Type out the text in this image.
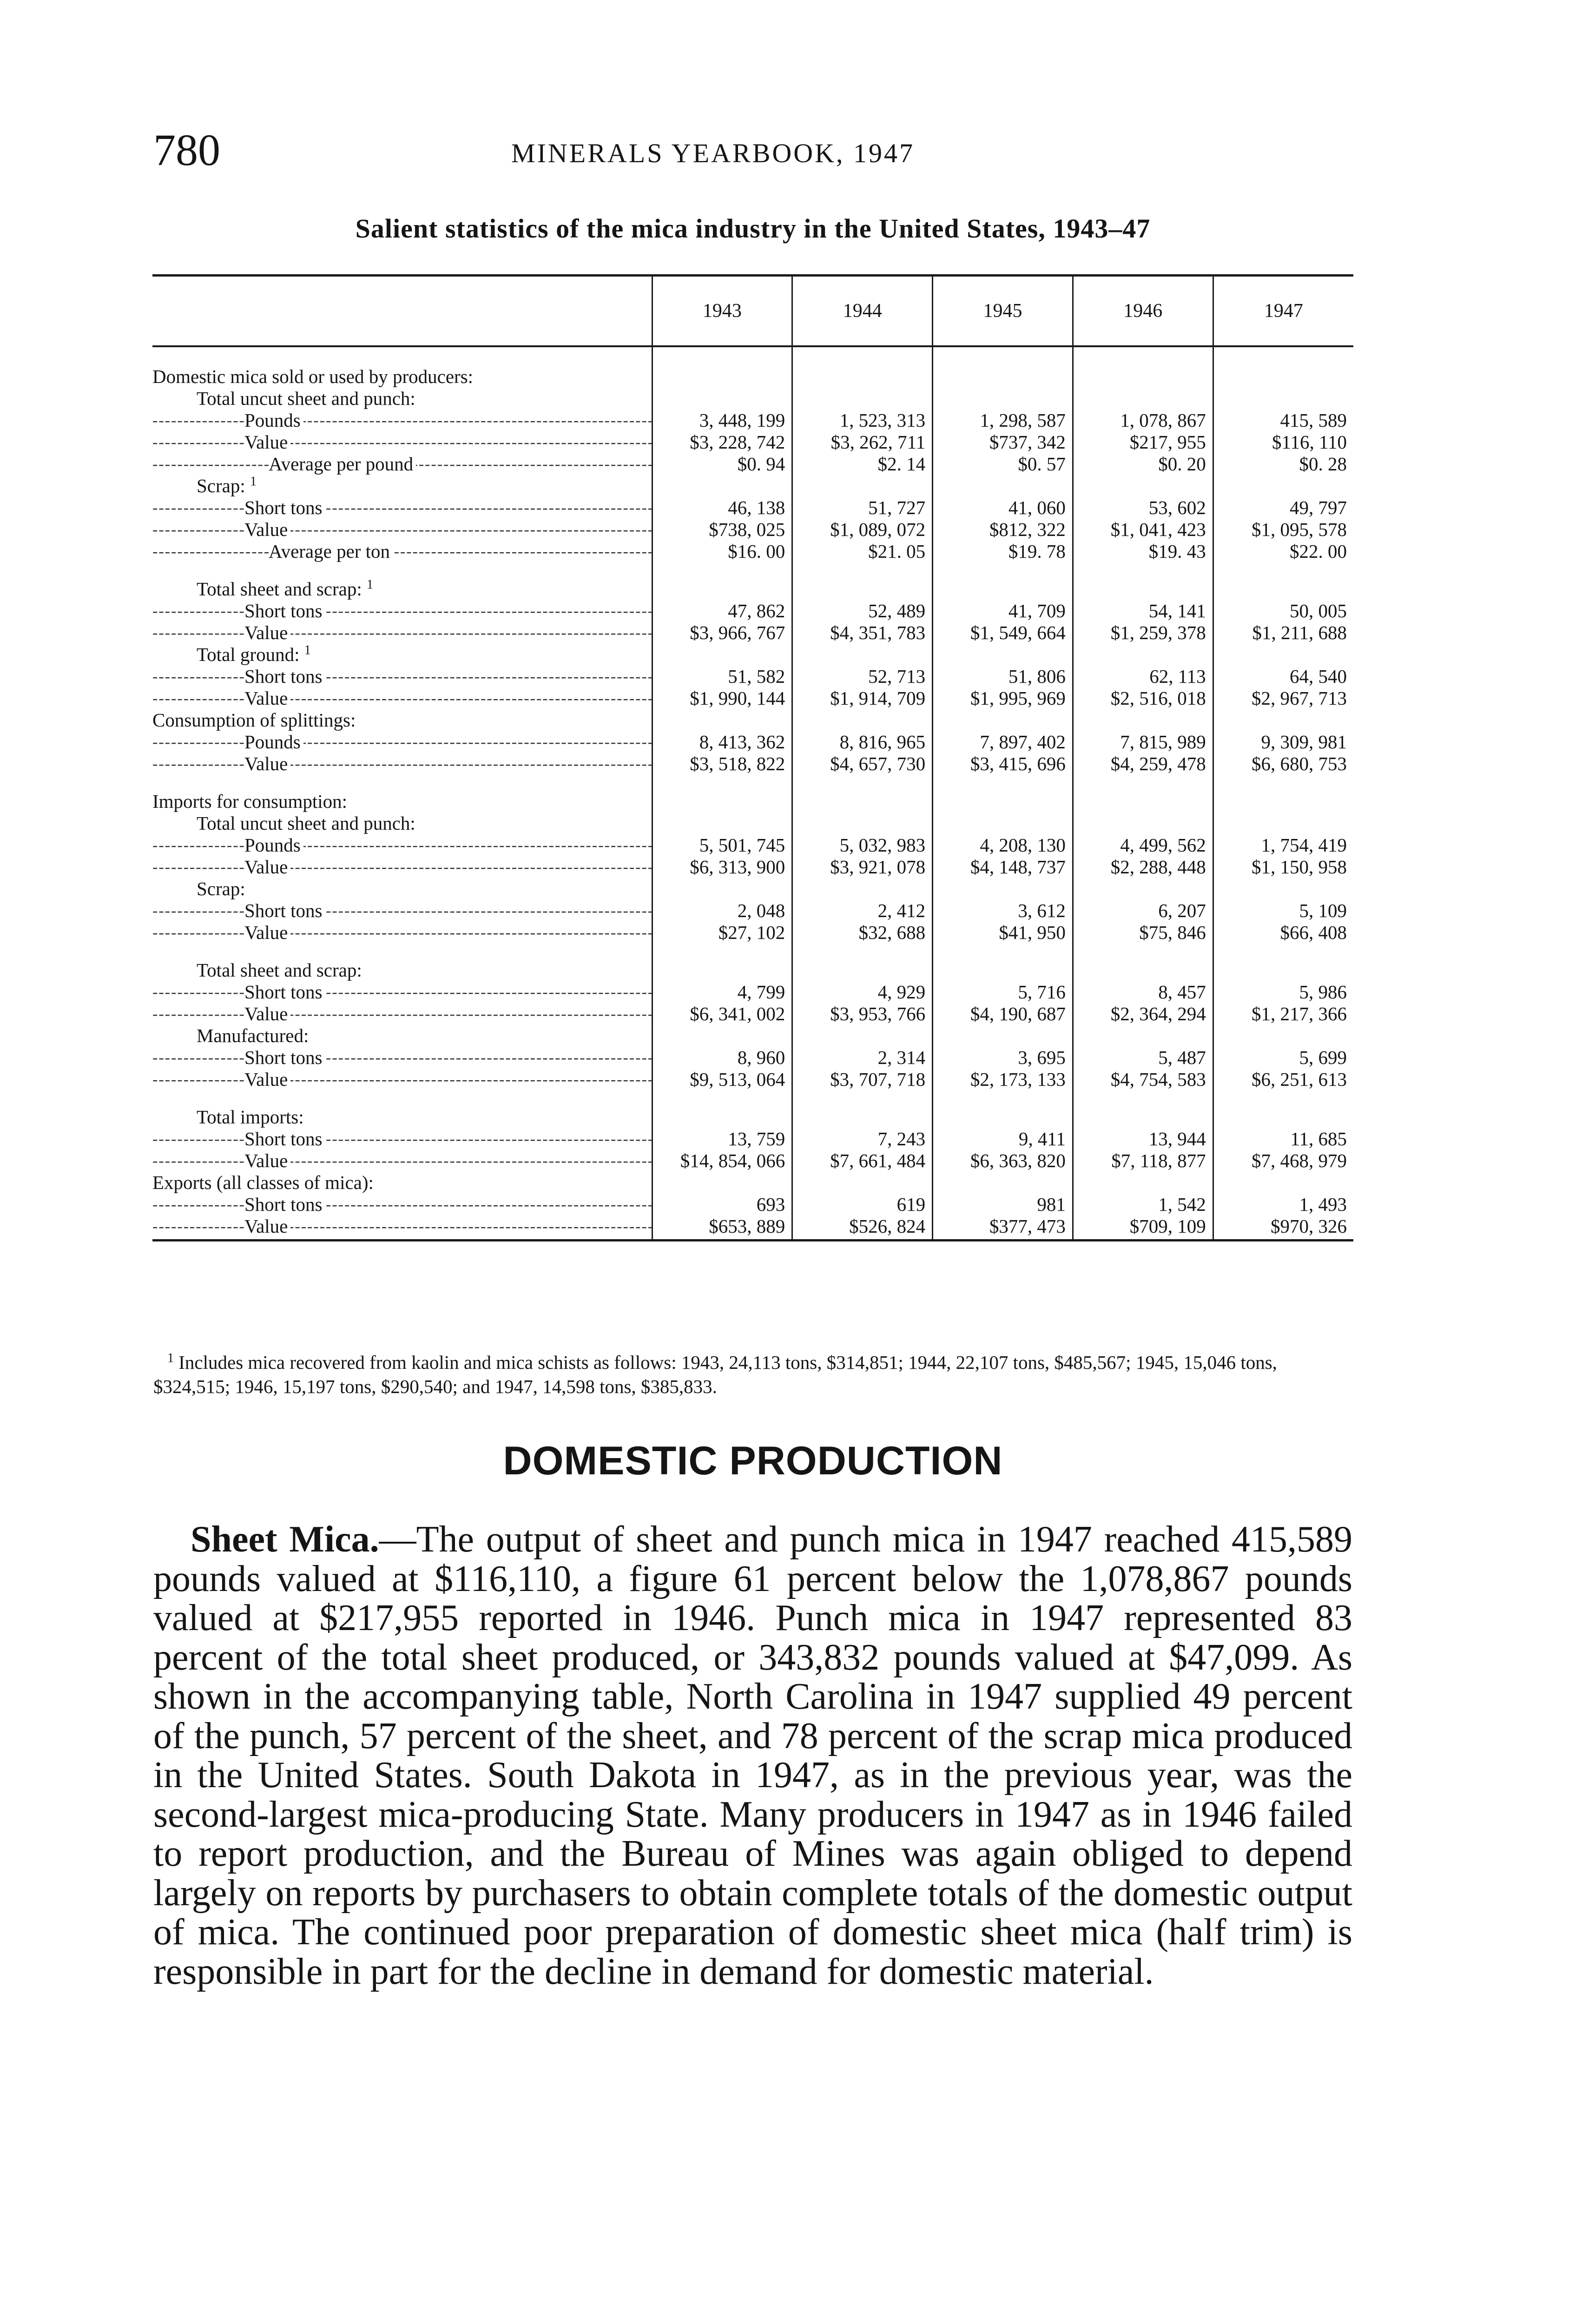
780	MINERALS YEARBOOK, 1947
Salient statistics of the mica industry in the United States, 1943–47
	1943	1944	1945	1946	1947

Domestic mica sold or used by producers:					

Total uncut sheet and punch:					

Pounds -----	3, 448, 199	1, 523, 313	1, 298, 587	1, 078, 867	415, 589

Value -----	$3, 228, 742	$3, 262, 711	$737, 342	$217, 955	$116, 110

Average per pound -----	$0. 94	$2. 14	$0. 57	$0. 20	$0. 28

Scrap: $^1$

Short tons -----	46, 138	51, 727	41, 060	53, 602	49, 797

Value -----	$738, 025	$1, 089, 072	$812, 322	$1, 041, 423	$1, 095, 578

Average per ton -----	$16. 00	$21. 05	$19. 78	$19. 43	$22. 00

Total sheet and scrap: $^1$

Short tons -----	47, 862	52, 489	41, 709	54, 141	50, 005

Value -----	$3, 966, 767	$4, 351, 783	$1, 549, 664	$1, 259, 378	$1, 211, 688

Total ground: $^1$

Short tons -----	51, 582	52, 713	51, 806	62, 113	64, 540

Value -----	$1, 990, 144	$1, 914, 709	$1, 995, 969	$2, 516, 018	$2, 967, 713

Consumption of splittings:					

Pounds -----	8, 413, 362	8, 816, 965	7, 897, 402	7, 815, 989	9, 309, 981

Value -----	$3, 518, 822	$4, 657, 730	$3, 415, 696	$4, 259, 478	$6, 680, 753

Imports for consumption:					

Total uncut sheet and punch:					

Pounds -----	5, 501, 745	5, 032, 983	4, 208, 130	4, 499, 562	1, 754, 419

Value -----	$6, 313, 900	$3, 921, 078	$4, 148, 737	$2, 288, 448	$1, 150, 958

Scrap:					

Short tons -----	2, 048	2, 412	3, 612	6, 207	5, 109

Value -----	$27, 102	$32, 688	$41, 950	$75, 846	$66, 408

Total sheet and scrap:					

Short tons -----	4, 799	4, 929	5, 716	8, 457	5, 986

Value -----	$6, 341, 002	$3, 953, 766	$4, 190, 687	$2, 364, 294	$1, 217, 366

Manufactured:					

Short tons -----	8, 960	2, 314	3, 695	5, 487	5, 699

Value -----	$9, 513, 064	$3, 707, 718	$2, 173, 133	$4, 754, 583	$6, 251, 613

Total imports:					

Short tons -----	13, 759	7, 243	9, 411	13, 944	11, 685

Value -----	$14, 854, 066	$7, 661, 484	$6, 363, 820	$7, 118, 877	$7, 468, 979

Exports (all classes of mica):					

Short tons -----	693	619	981	1, 542	1, 493

Value -----	$653, 889	$526, 824	$377, 473	$709, 109	$970, 326
$^1$ Includes mica recovered from kaolin and mica schists as follows: 1943, 24,113 tons, $314,851; 1944, 22,107 tons, $485,567; 1945, 15,046 tons, $324,515; 1946, 15,197 tons, $290,540; and 1947, 14,598 tons, $385,833.
DOMESTIC PRODUCTION
Sheet Mica.—The output of sheet and punch mica in 1947 reached 415,589 pounds valued at $116,110, a figure 61 percent below the 1,078,867 pounds valued at $217,955 reported in 1946. Punch mica in 1947 represented 83 percent of the total sheet produced, or 343,832 pounds valued at $47,099. As shown in the accompanying table, North Carolina in 1947 supplied 49 percent of the punch, 57 percent of the sheet, and 78 percent of the scrap mica produced in the United States. South Dakota in 1947, as in the previous year, was the second-largest mica-producing State. Many producers in 1947 as in 1946 failed to report production, and the Bureau of Mines was again obliged to depend largely on reports by purchasers to obtain complete totals of the domestic output of mica. The continued poor preparation of domestic sheet mica (half trim) is responsible in part for the decline in demand for domestic material.
